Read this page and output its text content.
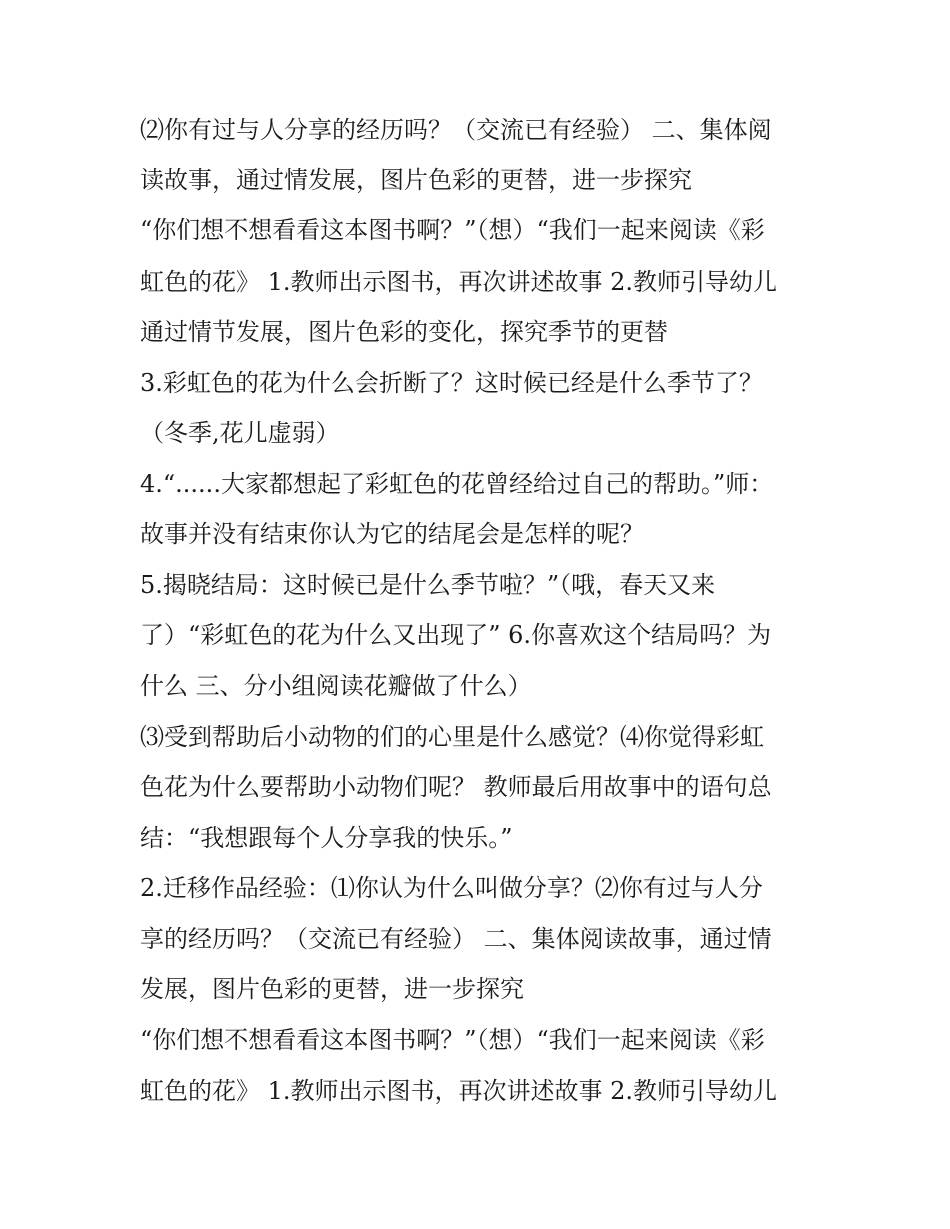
⑵你有过与人分享的经历吗？（交流已有经验） 二、集体阅
读故事，通过情发展，图片色彩的更替，进一步探究
“你们想不想看看这本图书啊？”（想）“我们一起来阅读《彩
虹色的花》 1.教师出示图书，再次讲述故事 2.教师引导幼儿
通过情节发展，图片色彩的变化，探究季节的更替
3.彩虹色的花为什么会折断了？这时候已经是什么季节了？
（冬季,花儿虚弱）
4.“......大家都想起了彩虹色的花曾经给过自己的帮助。”师：
故事并没有结束你认为它的结尾会是怎样的呢？
5.揭晓结局：这时候已是什么季节啦？”（哦，春天又来
了）“彩虹色的花为什么又出现了” 6.你喜欢这个结局吗？为
什么 三、分小组阅读花瓣做了什么）
⑶受到帮助后小动物的们的心里是什么感觉？⑷你觉得彩虹
色花为什么要帮助小动物们呢？ 教师最后用故事中的语句总
结：“我想跟每个人分享我的快乐。”
2.迁移作品经验：⑴你认为什么叫做分享？⑵你有过与人分
享的经历吗？（交流已有经验） 二、集体阅读故事，通过情
发展，图片色彩的更替，进一步探究
“你们想不想看看这本图书啊？”（想）“我们一起来阅读《彩
虹色的花》 1.教师出示图书，再次讲述故事 2.教师引导幼儿
